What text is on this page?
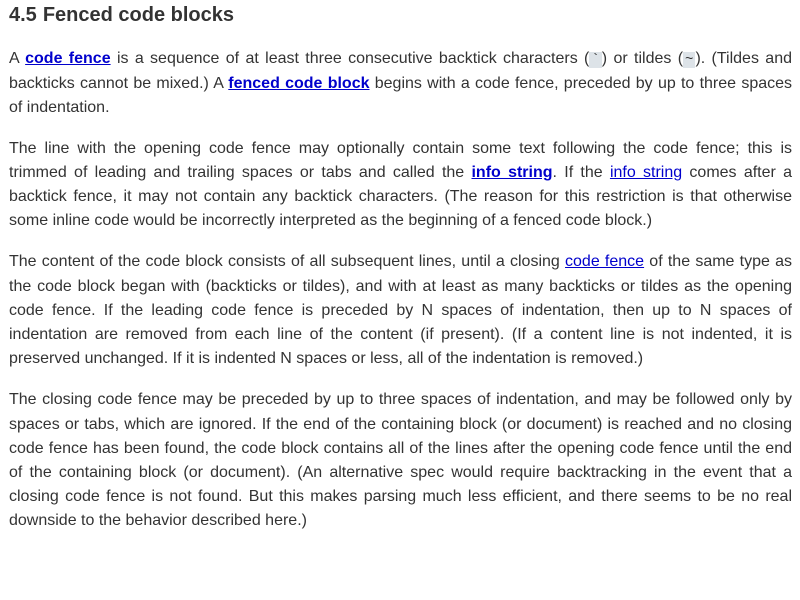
4.5 Fenced code blocks

A code fence is a sequence of at least three consecutive backtick characters ( ` ) or tildes ( ~ ). (Tildes and backticks cannot be mixed.) A fenced code block begins with a code fence, preceded by up to three spaces of indentation.

The line with the opening code fence may optionally contain some text following the code fence; this is trimmed of leading and trailing spaces or tabs and called the info string. If the info string comes after a backtick fence, it may not contain any backtick characters. (The reason for this restriction is that otherwise some inline code would be incorrectly interpreted as the beginning of a fenced code block.)

The content of the code block consists of all subsequent lines, until a closing code fence of the same type as the code block began with (backticks or tildes), and with at least as many backticks or tildes as the opening code fence. If the leading code fence is preceded by N spaces of indentation, then up to N spaces of indentation are removed from each line of the content (if present). (If a content line is not indented, it is preserved unchanged. If it is indented N spaces or less, all of the indentation is removed.)

The closing code fence may be preceded by up to three spaces of indentation, and may be followed only by spaces or tabs, which are ignored. If the end of the containing block (or document) is reached and no closing code fence has been found, the code block contains all of the lines after the opening code fence until the end of the containing block (or document). (An alternative spec would require backtracking in the event that a closing code fence is not found. But this makes parsing much less efficient, and there seems to be no real downside to the behavior described here.)
